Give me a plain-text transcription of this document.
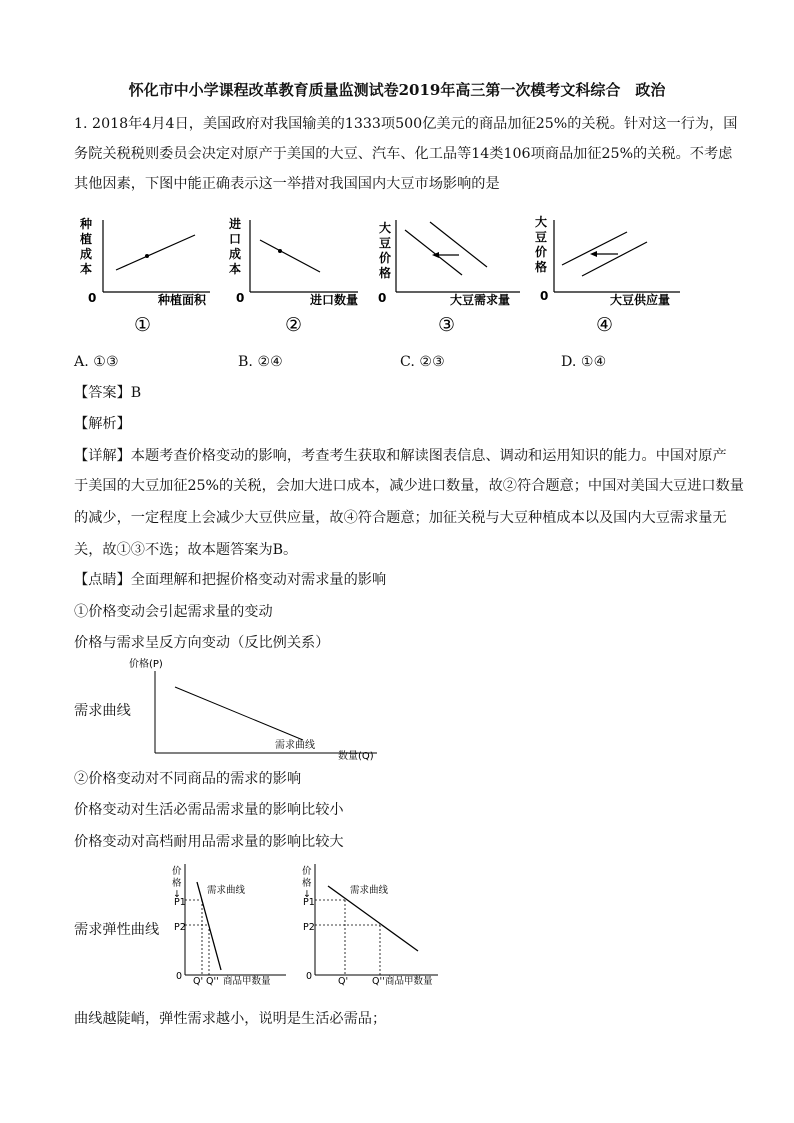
怀化市中小学课程改革教育质量监测试卷2019年高三第一次模考文科综合　政治
1. 2018年4月4日，美国政府对我国输美的1333项500亿美元的商品加征25%的关税。针对这一行为，国
务院关税税则委员会决定对原产于美国的大豆、汽车、化工品等14类106项商品加征25%的关税。不考虑
其他因素，下图中能正确表示这一举措对我国国内大豆市场影响的是
种
植
成
本
0	种植面积
①
进
口
成
本
0	进口数量
②
大
豆
价
格
0	大豆需求量
③
大
豆
价
格
0	大豆供应量
④
A. ①③	B. ②④	C. ②③	D. ①④
【答案】B
【解析】
【详解】本题考查价格变动的影响，考查考生获取和解读图表信息、调动和运用知识的能力。中国对原产
于美国的大豆加征25%的关税，会加大进口成本，减少进口数量，故②符合题意；中国对美国大豆进口数量
的减少，一定程度上会减少大豆供应量，故④符合题意；加征关税与大豆种植成本以及国内大豆需求量无
关，故①③不选；故本题答案为B。
【点睛】全面理解和把握价格变动对需求量的影响
①价格变动会引起需求量的变动
价格与需求呈反方向变动（反比例关系）
需求曲线
价格(P)
需求曲线
数量(Q)
②价格变动对不同商品的需求的影响
价格变动对生活必需品需求量的影响比较小
价格变动对高档耐用品需求量的影响比较大
需求弹性曲线
价
格
↓
P1
P2
0 Q' Q'' 商品甲数量
需求曲线
价
格
↓
P1
P2
0	Q'	Q'' 商品甲数量
需求曲线
曲线越陡峭，弹性需求越小，说明是生活必需品；
